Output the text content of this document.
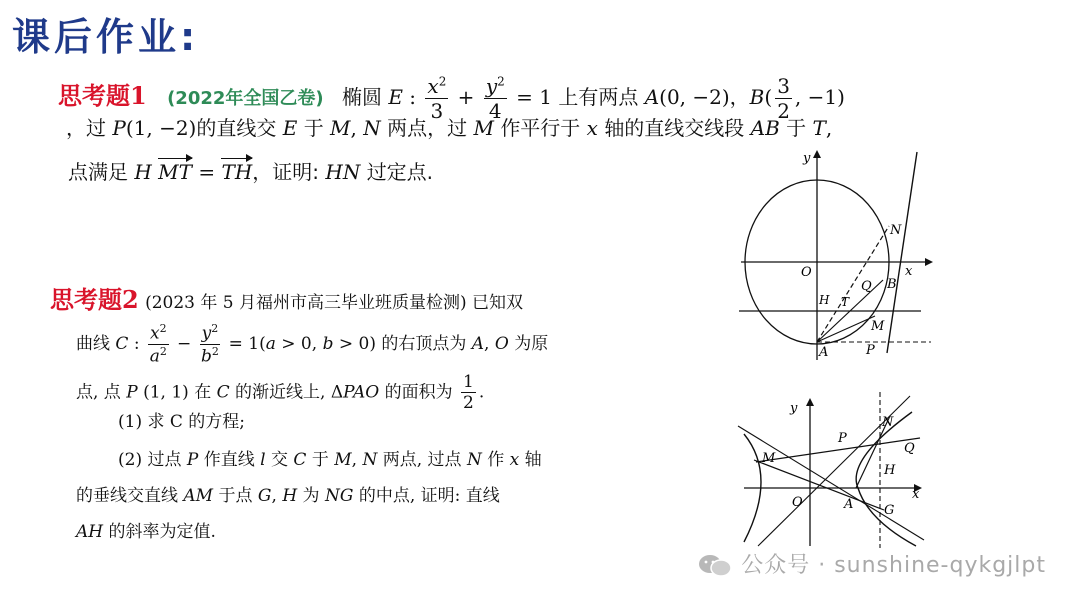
课后作业:
思考题1 (2022年全国乙卷) 椭圆 E : $\frac{x^2}{3} + \frac{y^2}{4} = 1$ 上有两点 A(0, −2)，$B( \frac{3}{2}$ , −1)
，过 P(1, −2)的直线交 E 于 M, N 两点，过 M 作平行于 x 轴的直线交线段 AB 于 T,
点满足 H MT = TH，证明: HN 过定点.
y
x
O
N
Q B
T
H
M
A	P
思考题2 (2023 年 5 月福州市高三毕业班质量检测) 已知双
曲线 C : $\frac{x^2}{a^2} - \frac{y^2}{b^2} = 1(a > 0$, b > 0) 的右顶点为 A, O 为原
点, 点 P (1, 1) 在 C 的渐近线上, ΔPAO 的面积为 $\frac{1}{2}$ .
(1) 求 C 的方程;
(2) 过点 P 作直线 l 交 C 于 M, N 两点, 过点 N 作 x 轴
的垂线交直线 AM 于点 G, H 为 NG 的中点, 证明: 直线
AH 的斜率为定值.
y
x
O
N
Q
P
H
M
A G
公众号 · sunshine-qykgjlpt
